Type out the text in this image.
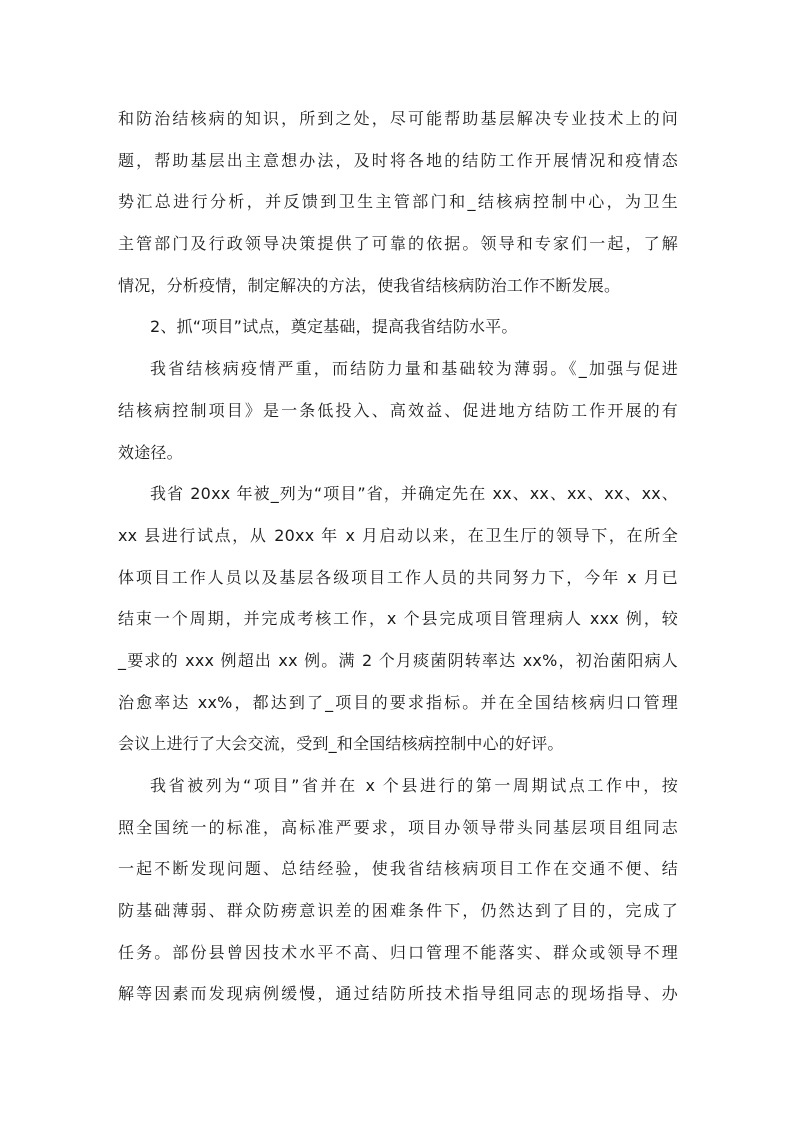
和防治结核病的知识，所到之处，尽可能帮助基层解决专业技术上的问
题，帮助基层出主意想办法，及时将各地的结防工作开展情况和疫情态
势汇总进行分析，并反馈到卫生主管部门和_结核病控制中心，为卫生
主管部门及行政领导决策提供了可靠的依据。领导和专家们一起，了解
情况，分析疫情，制定解决的方法，使我省结核病防治工作不断发展。
2、抓“项目”试点，奠定基础，提高我省结防水平。
我省结核病疫情严重，而结防力量和基础较为薄弱。《_加强与促进
结核病控制项目》是一条低投入、高效益、促进地方结防工作开展的有
效途径。
我省 20xx 年被_列为“项目”省，并确定先在 xx、xx、xx、xx、xx、
xx 县进行试点，从 20xx 年 x 月启动以来，在卫生厅的领导下，在所全
体项目工作人员以及基层各级项目工作人员的共同努力下，今年 x 月已
结束一个周期，并完成考核工作，x 个县完成项目管理病人 xxx 例，较
_要求的 xxx 例超出 xx 例。满 2 个月痰菌阴转率达 xx%，初治菌阳病人
治愈率达 xx%，都达到了_项目的要求指标。并在全国结核病归口管理
会议上进行了大会交流，受到_和全国结核病控制中心的好评。
我省被列为“项目”省并在 x 个县进行的第一周期试点工作中，按
照全国统一的标准，高标准严要求，项目办领导带头同基层项目组同志
一起不断发现问题、总结经验，使我省结核病项目工作在交通不便、结
防基础薄弱、群众防痨意识差的困难条件下，仍然达到了目的，完成了
任务。部份县曾因技术水平不高、归口管理不能落实、群众或领导不理
解等因素而发现病例缓慢，通过结防所技术指导组同志的现场指导、办
